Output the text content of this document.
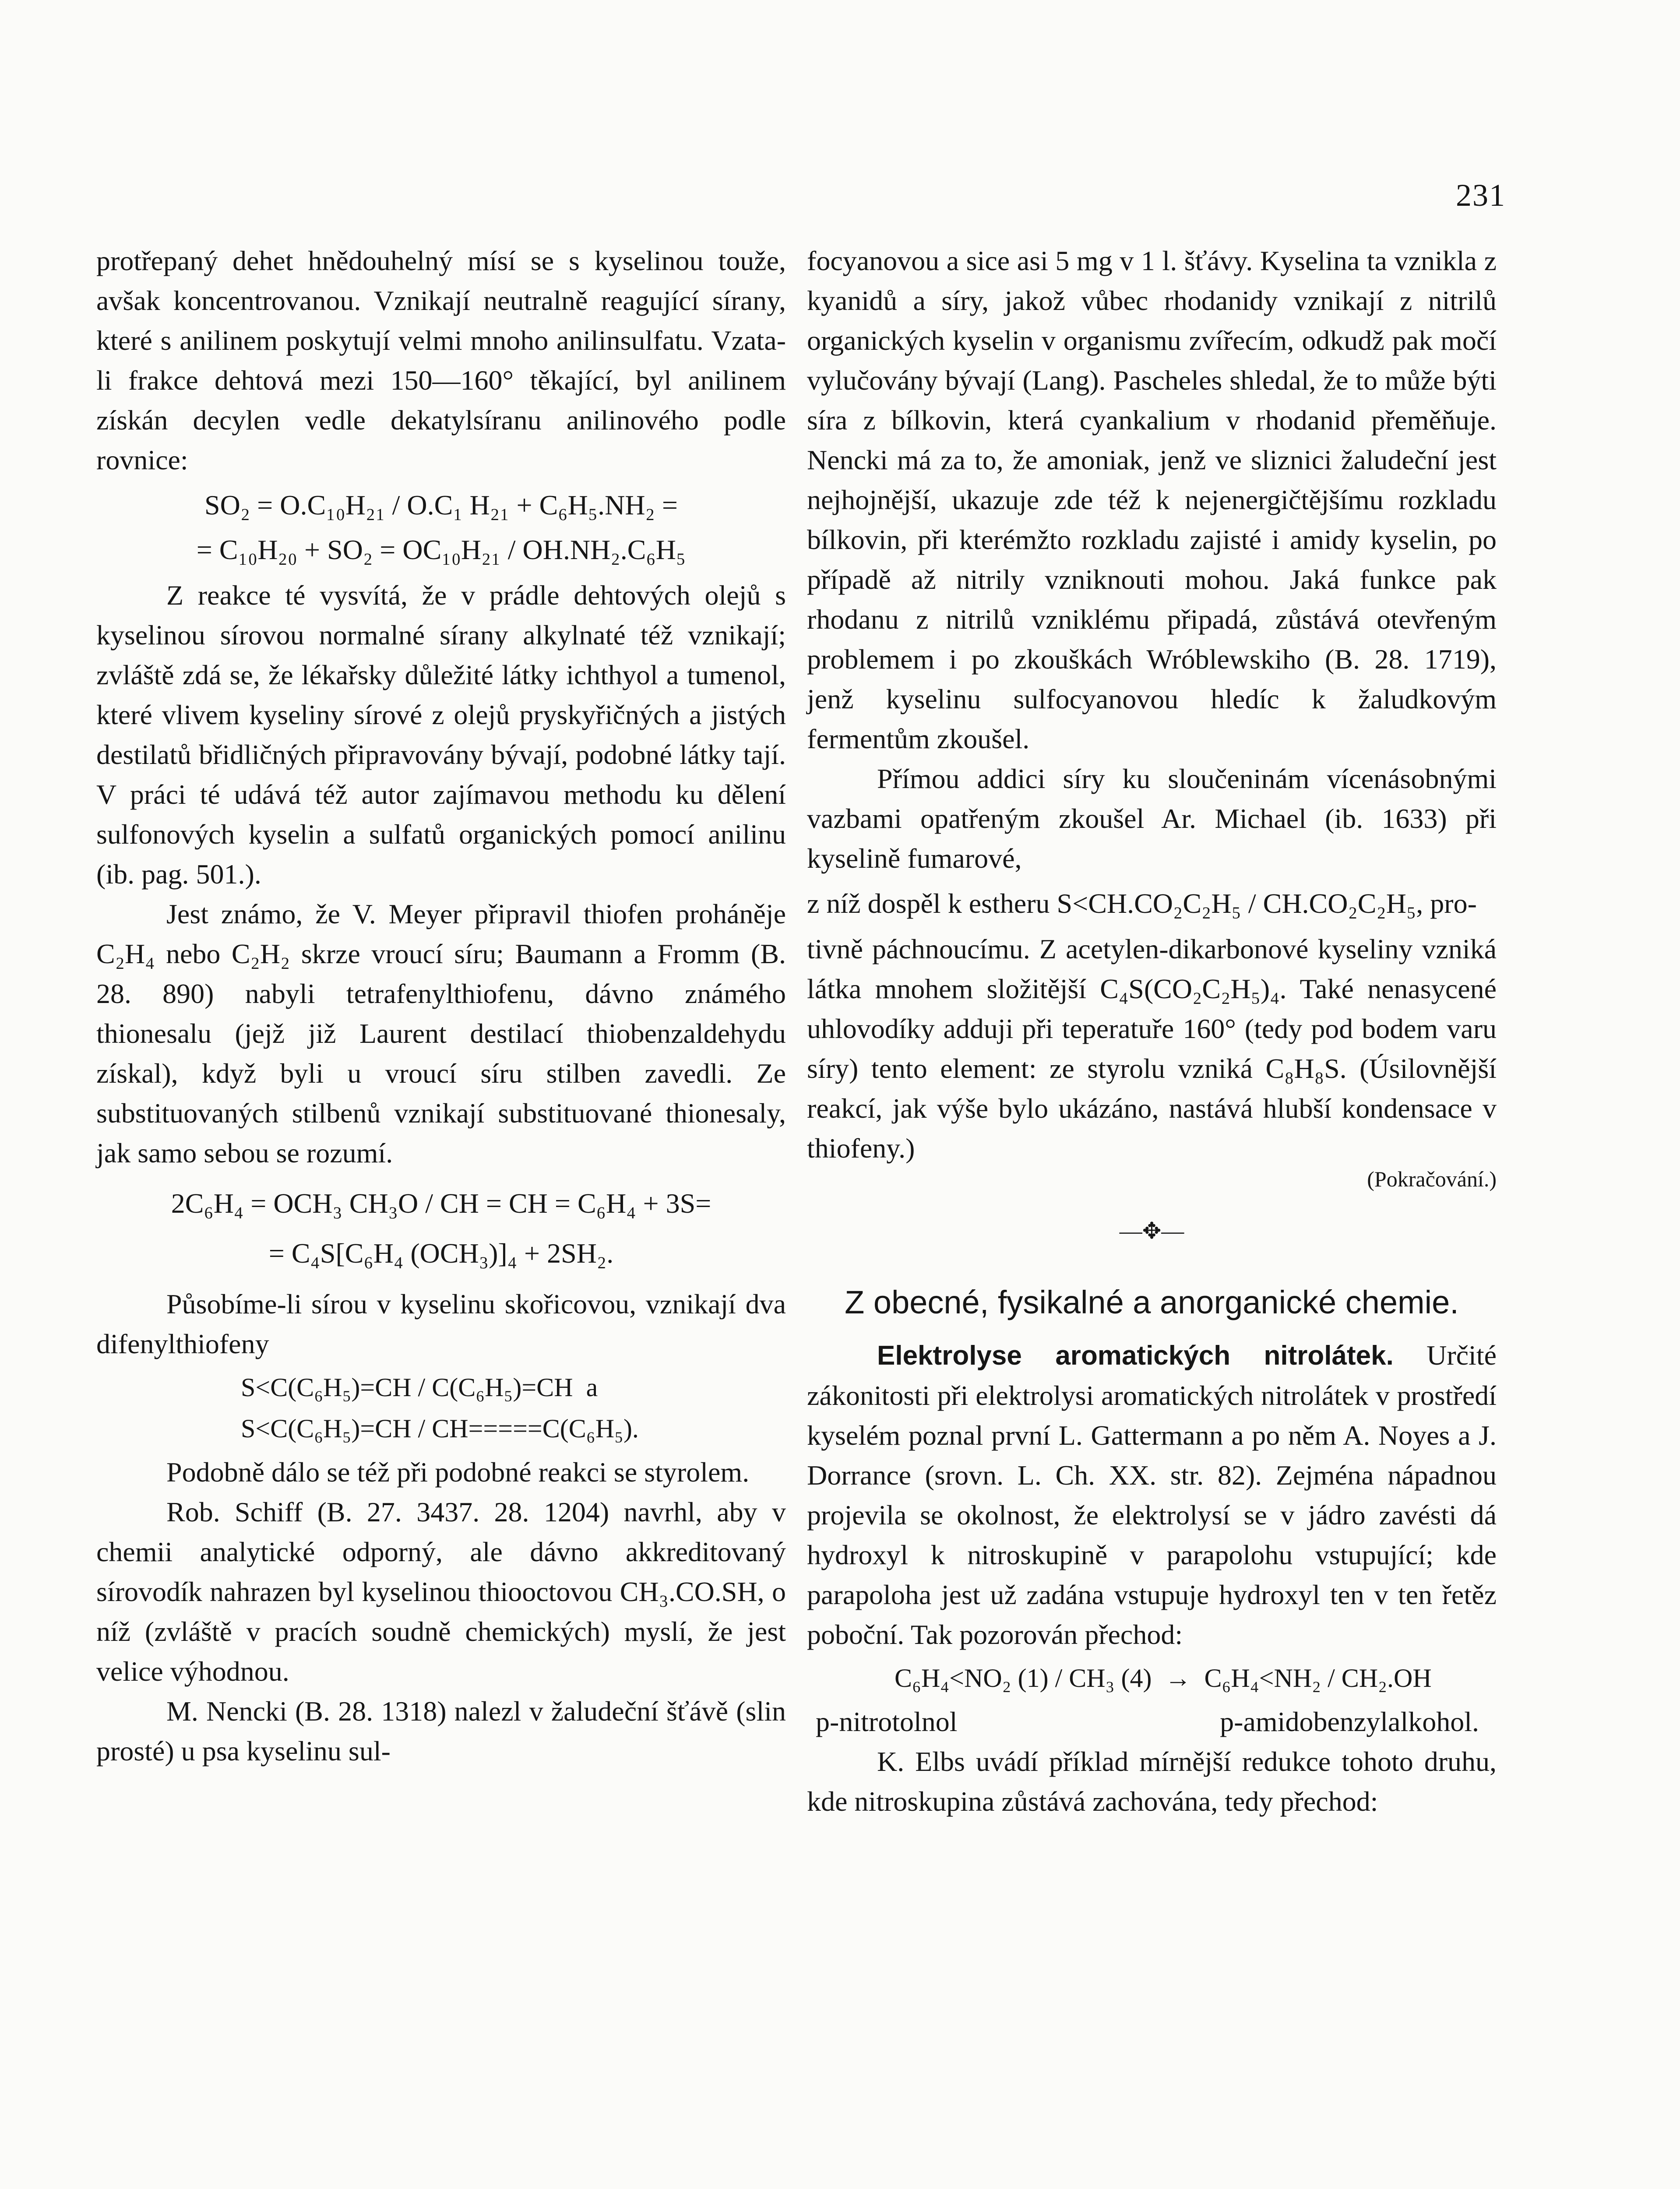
231

protřepaný dehet hnědouhelný mísí se s kyselinou touže, avšak koncentrovanou. Vznikají neutralně reagující sírany, které s anilinem poskytují velmi mnoho anilinsulfatu. Vzata-li frakce dehtová mezi 150—160° těkající, byl anilinem získán decylen vedle dekatylsíranu anilinového podle rovnice:

SO₂ = O.C₁₀H₂₁ / O.C₁ H₂₁ + C₆H₅.NH₂ =
= C₁₀H₂₀ + SO₂ = OC₁₀H₂₁ / OH.NH₂.C₆H₅

Z reakce té vysvítá, že v prádle dehtových olejů s kyselinou sírovou normalné sírany alkylnaté též vznikají; zvláště zdá se, že lékařsky důležité látky ichthyol a tumenol, které vlivem kyseliny sírové z olejů pryskyřičných a jistých destilatů břidličných připravovány bývají, podobné látky tají. V práci té udává též autor zajímavou methodu ku dělení sulfonových kyselin a sulfatů organických pomocí anilinu (ib. pag. 501.).

Jest známo, že V. Meyer připravil thiofen proháněje C₂H₄ nebo C₂H₂ skrze vroucí síru; Baumann a Fromm (B. 28. 890) nabyli tetrafenylthiofenu, dávno známého thionesalu (jejž již Laurent destilací thiobenzaldehydu získal), když byli u vroucí síru stilben zavedli. Ze substituovaných stilbenů vznikají substituované thionesaly, jak samo sebou se rozumí.

2C₆H₄ = OCH₃ CH₃O / CH = CH = C₆H₄ + 3S=
= C₄S[C₆H₄ (OCH₃)]₄ + 2SH₂.

Působíme-li sírou v kyselinu skořicovou, vznikají dva difenylthiofeny

S<C(C₆H₅)=CH / C(C₆H₅)=CH  a
S<C(C₆H₅)=CH / CH=====C(C₆H₅).

Podobně dálo se též při podobné reakci se styrolem.

Rob. Schiff (B. 27. 3437. 28. 1204) navrhl, aby v chemii analytické odporný, ale dávno akkreditovaný sírovodík nahrazen byl kyselinou thiooctovou CH₃.CO.SH, o níž (zvláště v pracích soudně chemických) myslí, že jest velice výhodnou.

M. Nencki (B. 28. 1318) nalezl v žaludeční šťávě (slin prosté) u psa kyselinu sul-

focyanovou a sice asi 5 mg v 1 l. šťávy. Kyselina ta vznikla z kyanidů a síry, jakož vůbec rhodanidy vznikají z nitrilů organických kyselin v organismu zvířecím, odkudž pak močí vylučovány bývají (Lang). Pascheles shledal, že to může býti síra z bílkovin, která cyankalium v rhodanid přeměňuje. Nencki má za to, že amoniak, jenž ve sliznici žaludeční jest nejhojnější, ukazuje zde též k nejenergičtějšímu rozkladu bílkovin, při kterémžto rozkladu zajisté i amidy kyselin, po případě až nitrily vzniknouti mohou. Jaká funkce pak rhodanu z nitrilů vzniklému připadá, zůstává otevřeným problemem i po zkouškách Wróblewskiho (B. 28. 1719), jenž kyselinu sulfocyanovou hledíc k žaludkovým fermentům zkoušel.

Přímou addici síry ku sloučeninám vícenásobnými vazbami opatřeným zkoušel Ar. Michael (ib. 1633) při kyselině fumarové,

z níž dospěl k estheru S<CH.CO₂C₂H₅ / CH.CO₂C₂H₅, pro-

tivně páchnoucímu. Z acetylen-dikarbonové kyseliny vzniká látka mnohem složitější C₄S(CO₂C₂H₅)₄. Také nenasycené uhlovodíky adduji při teperatuře 160° (tedy pod bodem varu síry) tento element: ze styrolu vzniká C₈H₈S. (Úsilovnější reakcí, jak výše bylo ukázáno, nastává hlubší kondensace v thiofeny.)

(Pokračování.)
—✥—
Z obecné, fysikalné a anorganické chemie.

Elektrolyse aromatických nitrolátek. Určité zákonitosti při elektrolysi aromatických nitrolátek v prostředí kyselém poznal první L. Gattermann a po něm A. Noyes a J. Dorrance (srovn. L. Ch. XX. str. 82). Zejména nápadnou projevila se okolnost, že elektrolysí se v jádro zavésti dá hydroxyl k nitroskupině v parapolohu vstupující; kde parapoloha jest už zadána vstupuje hydroxyl ten v ten řetěz poboční. Tak pozorován přechod:

C₆H₄<NO₂ (1) / CH₃ (4)  →  C₆H₄<NH₂ / CH₂.OH
p-nitrotolnol	p-amidobenzylalkohol.

K. Elbs uvádí příklad mírnější redukce tohoto druhu, kde nitroskupina zůstává zachována, tedy přechod:
